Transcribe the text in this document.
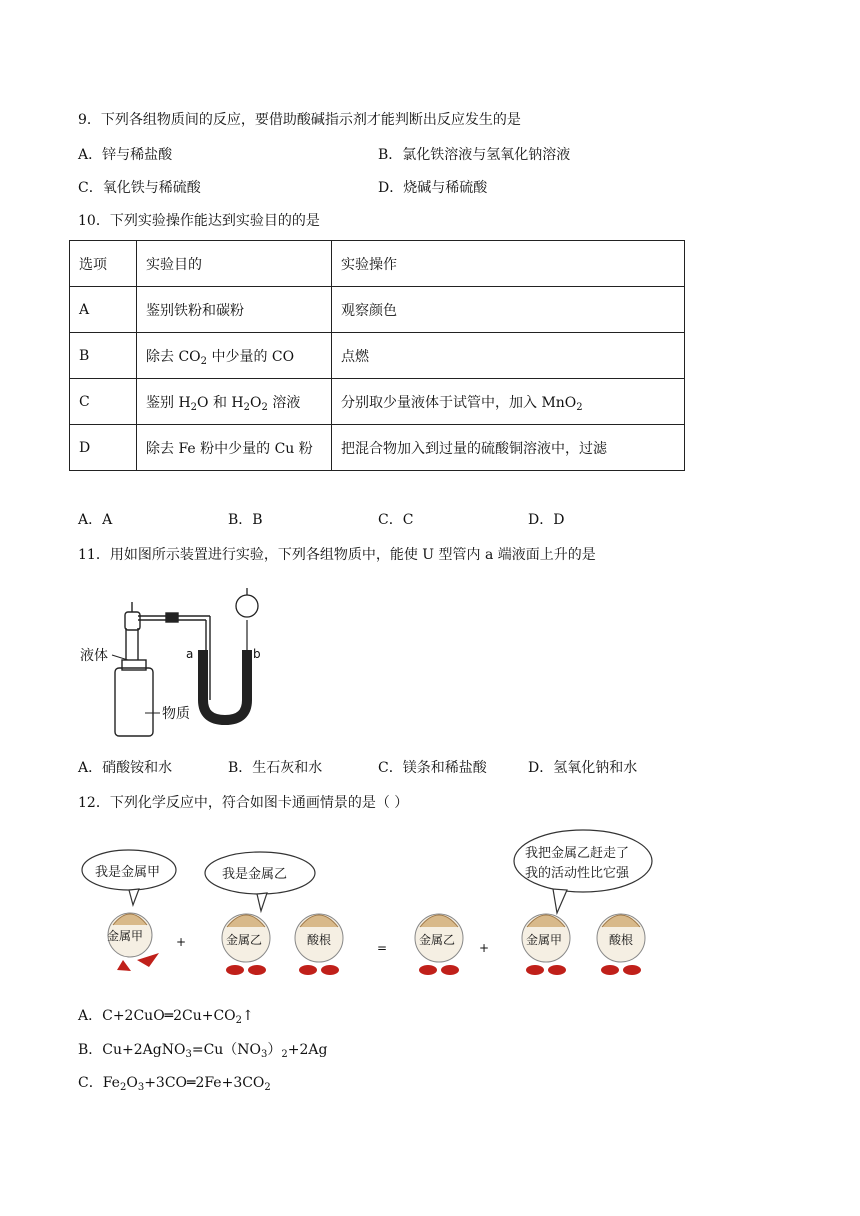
9．下列各组物质间的反应，要借助酸碱指示剂才能判断出反应发生的是
A．锌与稀盐酸	B．氯化铁溶液与氢氧化钠溶液
C．氧化铁与稀硫酸	D．烧碱与稀硫酸
10．下列实验操作能达到实验目的的是
选项	实验目的	实验操作
A	鉴别铁粉和碳粉	观察颜色
B	除去 $CO_2$ 中少量的 CO	点燃
C	鉴别 $H_2O$ 和 $H_2O_2$ 溶液	分别取少量液体于试管中，加入 MnO$_2$
D	除去 Fe 粉中少量的 Cu 粉	把混合物加入到过量的硫酸铜溶液中，过滤
A．A	B．B	C．C	D．D
11．用如图所示装置进行实验，下列各组物质中，能使 U 型管内 a 端液面上升的是
液体
物质
a	b
A．硝酸铵和水	B．生石灰和水	C．镁条和稀盐酸	D．氢氧化钠和水
12．下列化学反应中，符合如图卡通画情景的是（ ）
我是金属甲	我是金属乙
我把金属乙赶走了
我的活动性比它强
金属甲	+	金属乙	酸根
=
金属乙
+
金属甲	酸根
A．$C+2CuO═2Cu+CO_2↑$
B．$Cu+2AgNO_3=Cu(NO_3)_2+2Ag$
C．$Fe_2O_3+3CO═2Fe+3CO_2$
